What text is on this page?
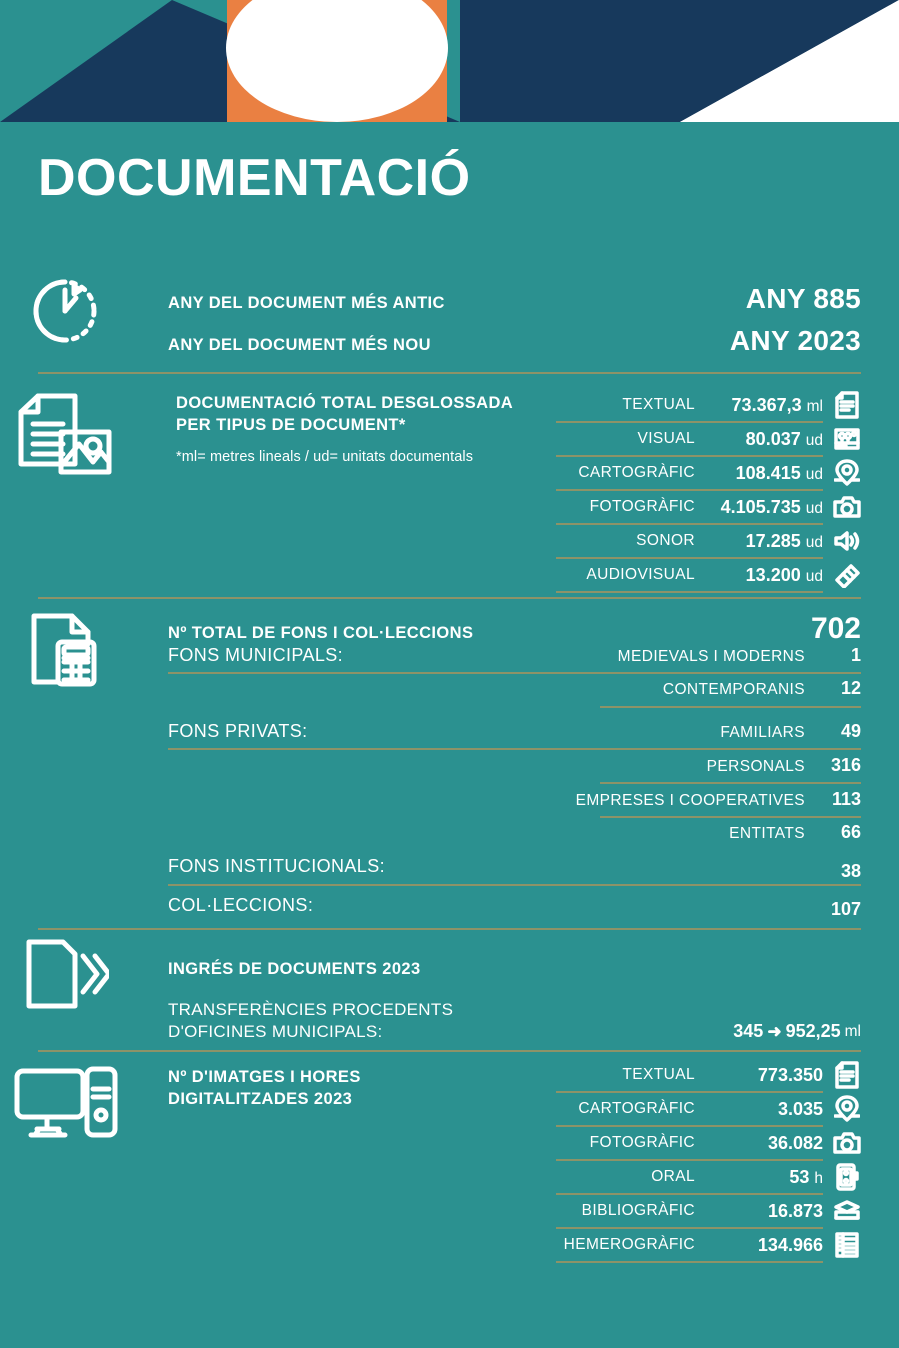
DOCUMENTACIÓ
ANY DEL DOCUMENT MÉS ANTIC	ANY 885
ANY DEL DOCUMENT MÉS NOU	ANY 2023
DOCUMENTACIÓ TOTAL DESGLOSSADA
PER TIPUS DE DOCUMENT*
*ml= metres lineals / ud= unitats documentals
TEXTUAL	73.367,3 ml
VISUAL	80.037 ud
CARTOGRÀFIC	108.415 ud
FOTOGRÀFIC	4.105.735 ud
SONOR	17.285 ud
AUDIOVISUAL	13.200 ud
Nº TOTAL DE FONS I COL·LECCIONS	702
FONS MUNICIPALS:	MEDIEVALS I MODERNS	1
CONTEMPORANIS	12
FONS PRIVATS:	FAMILIARS	49
PERSONALS	316
EMPRESES I COOPERATIVES	113
ENTITATS	66
FONS INSTITUCIONALS:	38
COL·LECCIONS:	107
INGRÉS DE DOCUMENTS 2023
TRANSFERÈNCIES PROCEDENTS
D'OFICINES MUNICIPALS:	345 ➜ 952,25 ml
Nº D'IMATGES I HORES
DIGITALITZADES 2023
TEXTUAL	773.350
CARTOGRÀFIC	3.035
FOTOGRÀFIC	36.082
ORAL	53 h
BIBLIOGRÀFIC	16.873
HEMEROGRÀFIC	134.966
